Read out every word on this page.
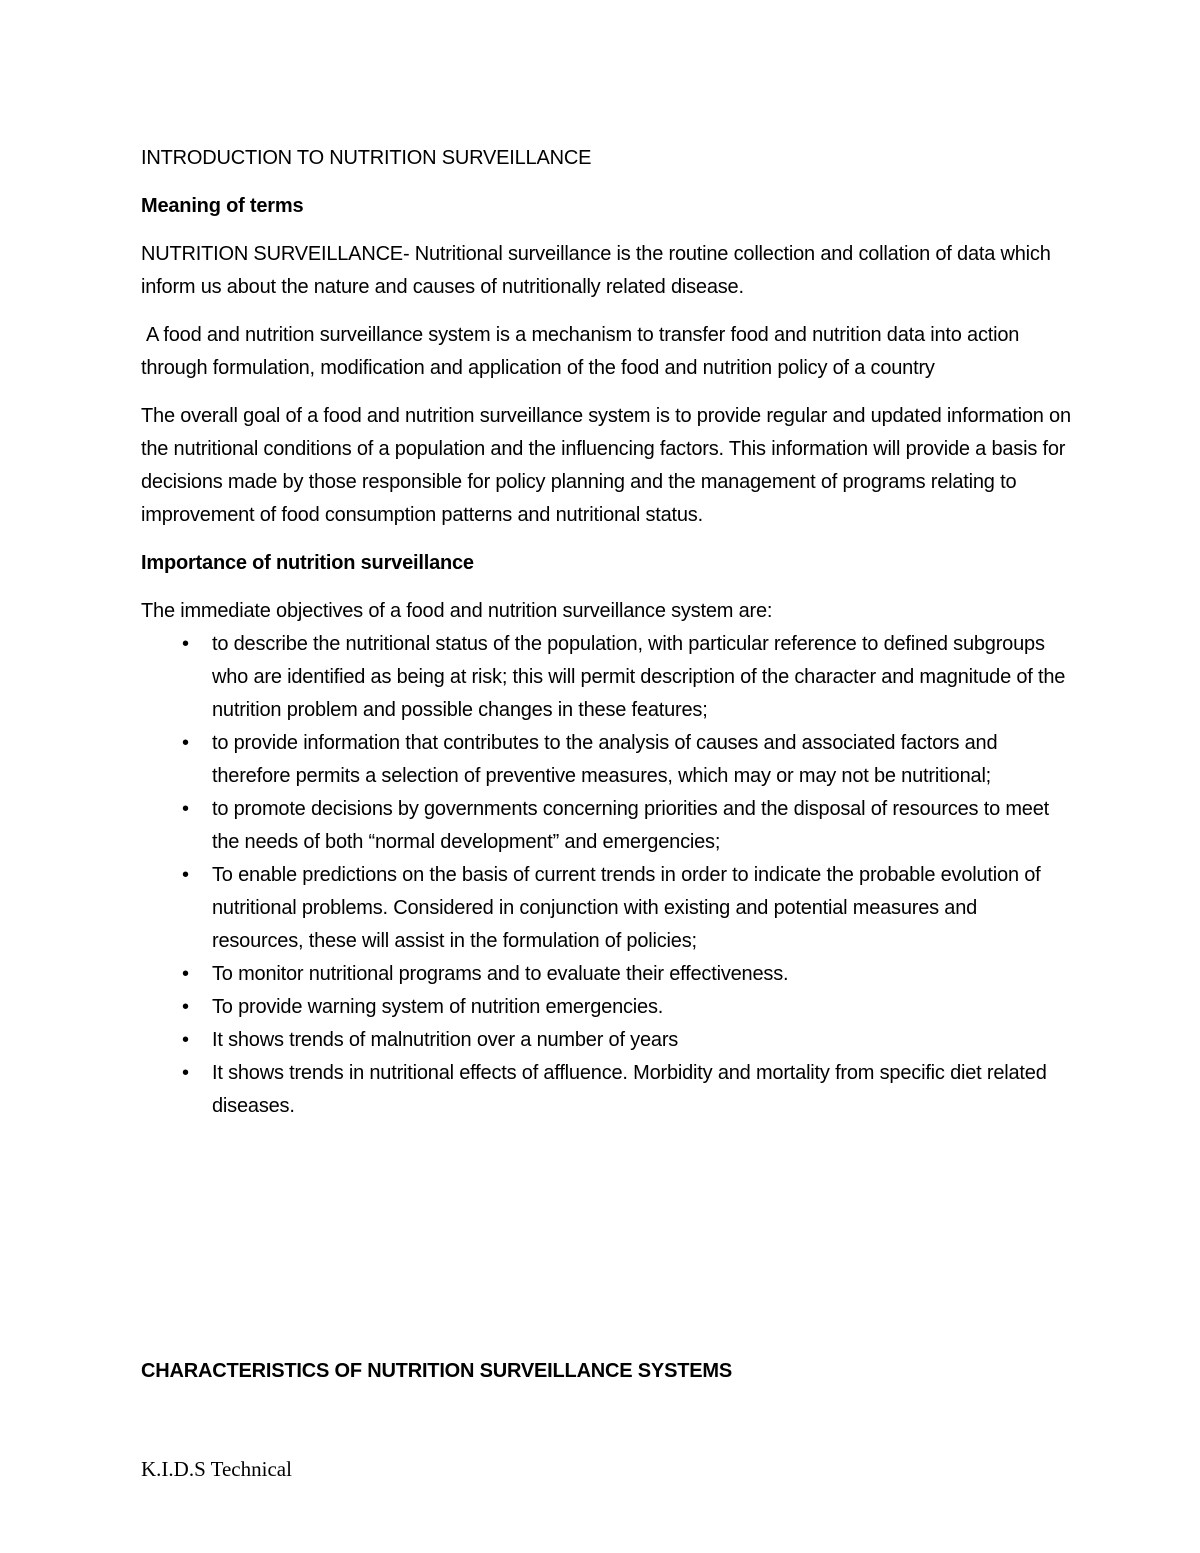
INTRODUCTION TO NUTRITION SURVEILLANCE

Meaning of terms

NUTRITION SURVEILLANCE- Nutritional surveillance is the routine collection and collation of data which inform us about the nature and causes of nutritionally related disease.

A food and nutrition surveillance system is a mechanism to transfer food and nutrition data into action through formulation, modification and application of the food and nutrition policy of a country

The overall goal of a food and nutrition surveillance system is to provide regular and updated information on the nutritional conditions of a population and the influencing factors. This information will provide a basis for decisions made by those responsible for policy planning and the management of programs relating to improvement of food consumption patterns and nutritional status.

Importance of nutrition surveillance

The immediate objectives of a food and nutrition surveillance system are:

• to describe the nutritional status of the population, with particular reference to defined subgroups who are identified as being at risk; this will permit description of the character and magnitude of the nutrition problem and possible changes in these features;
• to provide information that contributes to the analysis of causes and associated factors and therefore permits a selection of preventive measures, which may or may not be nutritional;
• to promote decisions by governments concerning priorities and the disposal of resources to meet the needs of both “normal development” and emergencies;
• To enable predictions on the basis of current trends in order to indicate the probable evolution of nutritional problems. Considered in conjunction with existing and potential measures and resources, these will assist in the formulation of policies;
• To monitor nutritional programs and to evaluate their effectiveness.
• To provide warning system of nutrition emergencies.
• It shows trends of malnutrition over a number of years
• It shows trends in nutritional effects of affluence. Morbidity and mortality from specific diet related diseases.
CHARACTERISTICS OF NUTRITION SURVEILLANCE SYSTEMS
K.I.D.S Technical
